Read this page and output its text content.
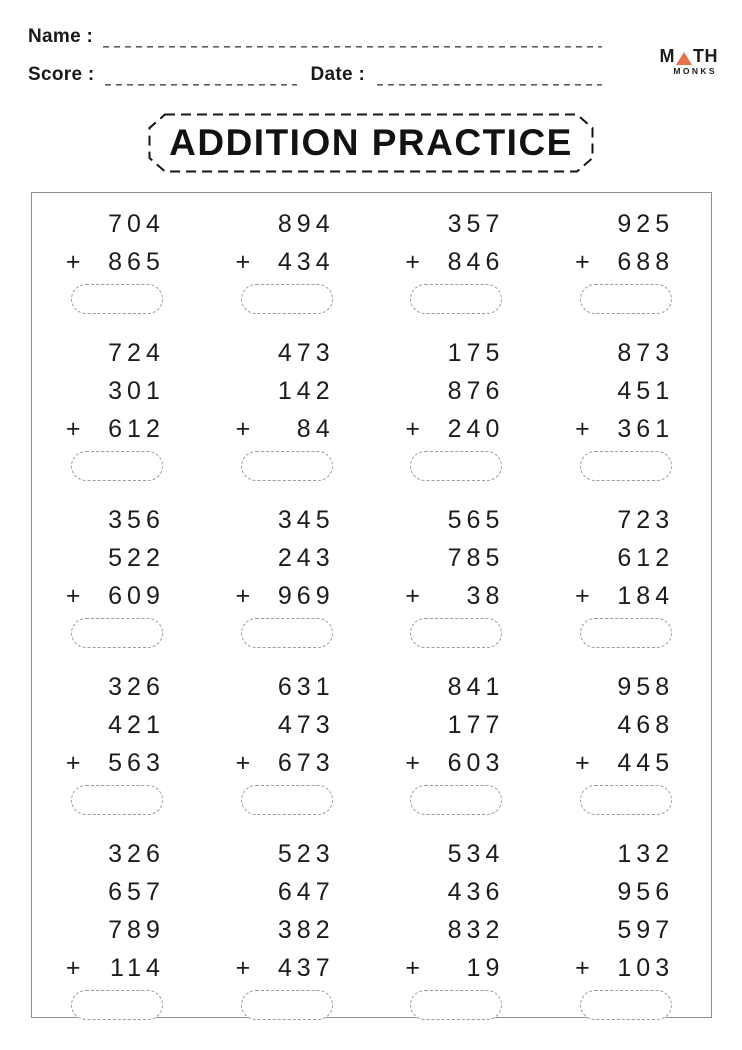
Name :
Score :	Date :
M TH
MONKS
ADDITION PRACTICE
704
+ 865
894
+ 434
357
+ 846
925
+ 688
724
301
+ 612
473
142
+ 84
175
876
+ 240
873
451
+ 361
356
522
+ 609
345
243
+ 969
565
785
+ 38
723
612
+ 184
326
421
+ 563
631
473
+ 673
841
177
+ 603
958
468
+ 445
326
657
789
+ 114
523
647
382
+ 437
534
436
832
+ 19
132
956
597
+ 103
